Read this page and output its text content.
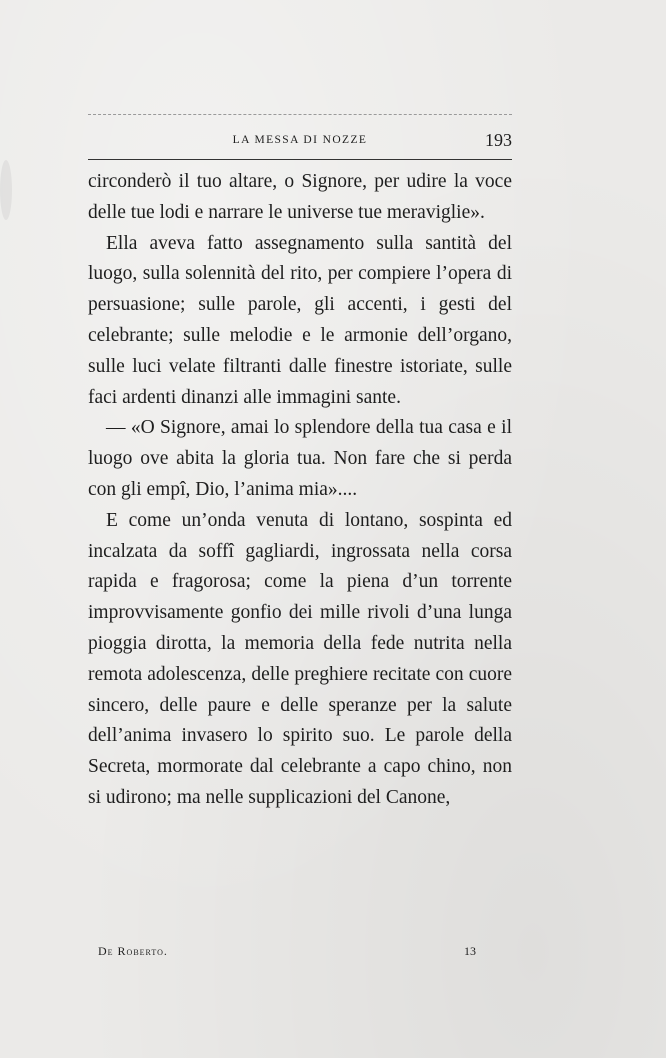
LA MESSA DI NOZZE	193

circonderò il tuo altare, o Signore, per udire la voce delle tue lodi e narrare le universe tue meraviglie».

Ella aveva fatto assegnamento sulla santità del luogo, sulla solennità del rito, per compiere l’opera di persuasione; sulle parole, gli accenti, i gesti del celebrante; sulle melodie e le armonie dell’organo, sulle luci velate filtranti dalle finestre istoriate, sulle faci ardenti dinanzi alle immagini sante.

— «O Signore, amai lo splendore della tua casa e il luogo ove abita la gloria tua. Non fare che si perda con gli empî, Dio, l’anima mia»....

E come un’onda venuta di lontano, sospinta ed incalzata da soffî gagliardi, ingrossata nella corsa rapida e fragorosa; come la piena d’un torrente improvvisamente gonfio dei mille rivoli d’una lunga pioggia dirotta, la memoria della fede nutrita nella remota adolescenza, delle preghiere recitate con cuore sincero, delle paure e delle speranze per la salute dell’anima invasero lo spirito suo. Le parole della Secreta, mormorate dal celebrante a capo chino, non si udirono; ma nelle supplicazioni del Canone,

De Roberto.	13
